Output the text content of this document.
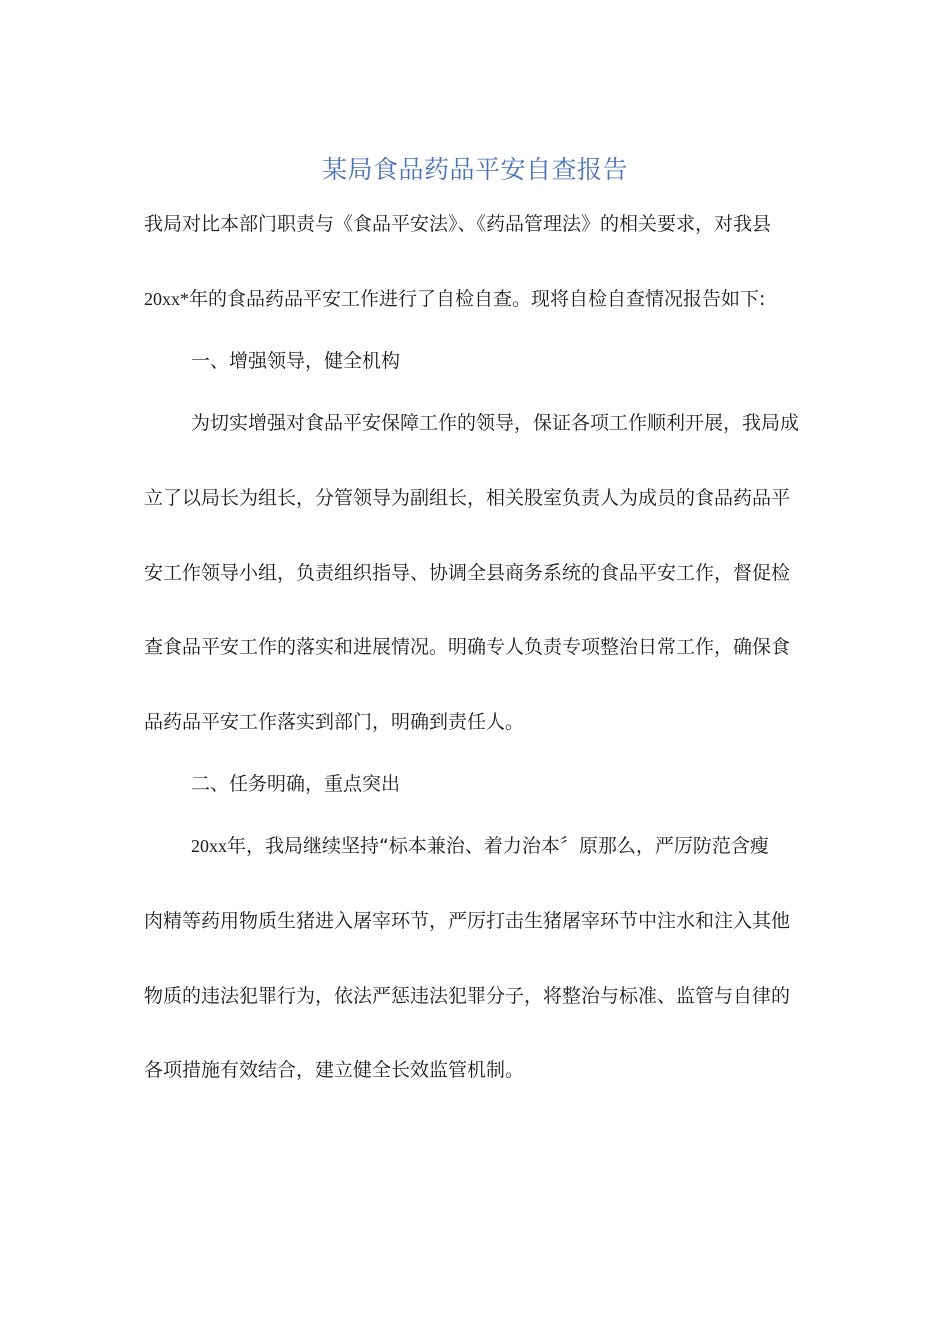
某局食品药品平安自查报告
我局对比本部门职责与《食品平安法》、《药品管理法》的相关要求，对我县
20xx*年的食品药品平安工作进行了自检自查。现将自检自查情况报告如下:
一、增强领导，健全机构
为切实增强对食品平安保障工作的领导，保证各项工作顺利开展，我局成
立了以局长为组长，分管领导为副组长，相关股室负责人为成员的食品药品平
安工作领导小组，负责组织指导、协调全县商务系统的食品平安工作，督促检
查食品平安工作的落实和进展情况。明确专人负责专项整治日常工作，确保食
品药品平安工作落实到部门，明确到责任人。
二、任务明确，重点突出
20xx年，我局继续坚持“标本兼治、着力治本〞原那么，严厉防范含瘦
肉精等药用物质生猪进入屠宰环节，严厉打击生猪屠宰环节中注水和注入其他
物质的违法犯罪行为，依法严惩违法犯罪分子，将整治与标准、监管与自律的
各项措施有效结合，建立健全长效监管机制。
